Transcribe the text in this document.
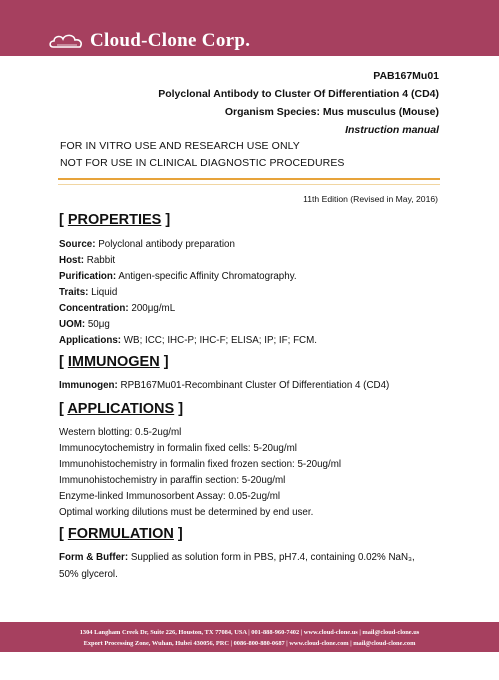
Cloud-Clone Corp.
PAB167Mu01
Polyclonal Antibody to Cluster Of Differentiation 4 (CD4)
Organism Species: Mus musculus (Mouse)
Instruction manual
FOR IN VITRO USE AND RESEARCH USE ONLY
NOT FOR USE IN CLINICAL DIAGNOSTIC PROCEDURES
11th Edition (Revised in May, 2016)
[ PROPERTIES ]
Source: Polyclonal antibody preparation
Host: Rabbit
Purification: Antigen-specific Affinity Chromatography.
Traits: Liquid
Concentration: 200μg/mL
UOM: 50μg
Applications: WB; ICC; IHC-P; IHC-F; ELISA; IP; IF; FCM.
[ IMMUNOGEN ]
Immunogen: RPB167Mu01-Recombinant Cluster Of Differentiation 4 (CD4)
[ APPLICATIONS ]
Western blotting: 0.5-2ug/ml
Immunocytochemistry in formalin fixed cells: 5-20ug/ml
Immunohistochemistry in formalin fixed frozen section: 5-20ug/ml
Immunohistochemistry in paraffin section: 5-20ug/ml
Enzyme-linked Immunosorbent Assay: 0.05-2ug/ml
Optimal working dilutions must be determined by end user.
[ FORMULATION ]
Form & Buffer: Supplied as solution form in PBS, pH7.4, containing 0.02% NaN₃,
50% glycerol.
1304 Langham Creek Dr, Suite 226, Houston, TX 77084, USA | 001-888-960-7402 | www.cloud-clone.us | mail@cloud-clone.us
Export Processing Zone, Wuhan, Hubei 430056, PRC | 0086-800-880-0687 | www.cloud-clone.com | mail@cloud-clone.com
